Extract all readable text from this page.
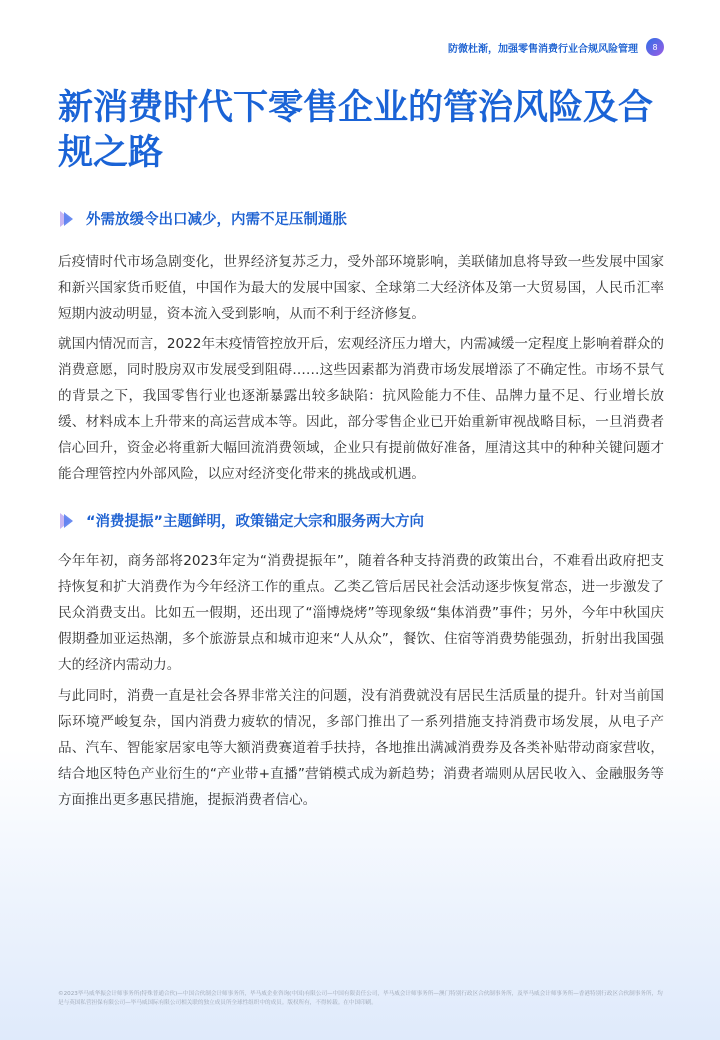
防微杜渐，加强零售消费行业合规风险管理	8
新消费时代下零售企业的管治风险及合规之路
外需放缓令出口减少，内需不足压制通胀

后疫情时代市场急剧变化，世界经济复苏乏力，受外部环境影响，美联储加息将导致一些发展中国家和新兴国家货币贬值，中国作为最大的发展中国家、全球第二大经济体及第一大贸易国，人民币汇率短期内波动明显，资本流入受到影响，从而不利于经济修复。

就国内情况而言，2022年末疫情管控放开后，宏观经济压力增大，内需减缓一定程度上影响着群众的消费意愿，同时股房双市发展受到阻碍……这些因素都为消费市场发展增添了不确定性。市场不景气的背景之下，我国零售行业也逐渐暴露出较多缺陷：抗风险能力不佳、品牌力量不足、行业增长放缓、材料成本上升带来的高运营成本等。因此，部分零售企业已开始重新审视战略目标，一旦消费者信心回升，资金必将重新大幅回流消费领域，企业只有提前做好准备，厘清这其中的种种关键问题才能合理管控内外部风险，以应对经济变化带来的挑战或机遇。

“消费提振”主题鲜明，政策锚定大宗和服务两大方向

今年年初，商务部将2023年定为“消费提振年”，随着各种支持消费的政策出台，不难看出政府把支持恢复和扩大消费作为今年经济工作的重点。乙类乙管后居民社会活动逐步恢复常态，进一步激发了民众消费支出。比如五一假期，还出现了“淄博烧烤”等现象级“集体消费”事件；另外，今年中秋国庆假期叠加亚运热潮，多个旅游景点和城市迎来“人从众”，餐饮、住宿等消费势能强劲，折射出我国强大的经济内需动力。

与此同时，消费一直是社会各界非常关注的问题，没有消费就没有居民生活质量的提升。针对当前国际环境严峻复杂，国内消费力疲软的情况，多部门推出了一系列措施支持消费市场发展，从电子产品、汽车、智能家居家电等大额消费赛道着手扶持，各地推出满减消费券及各类补贴带动商家营收，结合地区特色产业衍生的“产业带+直播”营销模式成为新趋势；消费者端则从居民收入、金融服务等方面推出更多惠民措施，提振消费者信心。

©2023毕马威华振会计师事务所(特殊普通合伙)—中国合伙制会计师事务所，毕马威企业咨询(中国)有限公司—中国有限责任公司，毕马威会计师事务所—澳门特别行政区合伙制事务所，及毕马威会计师事务所—香港特别行政区合伙制事务所，均是与英国私营担保有限公司—毕马威国际有限公司相关联的独立成员所全球性组织中的成员。版权所有，不得转载。在中国印刷。
